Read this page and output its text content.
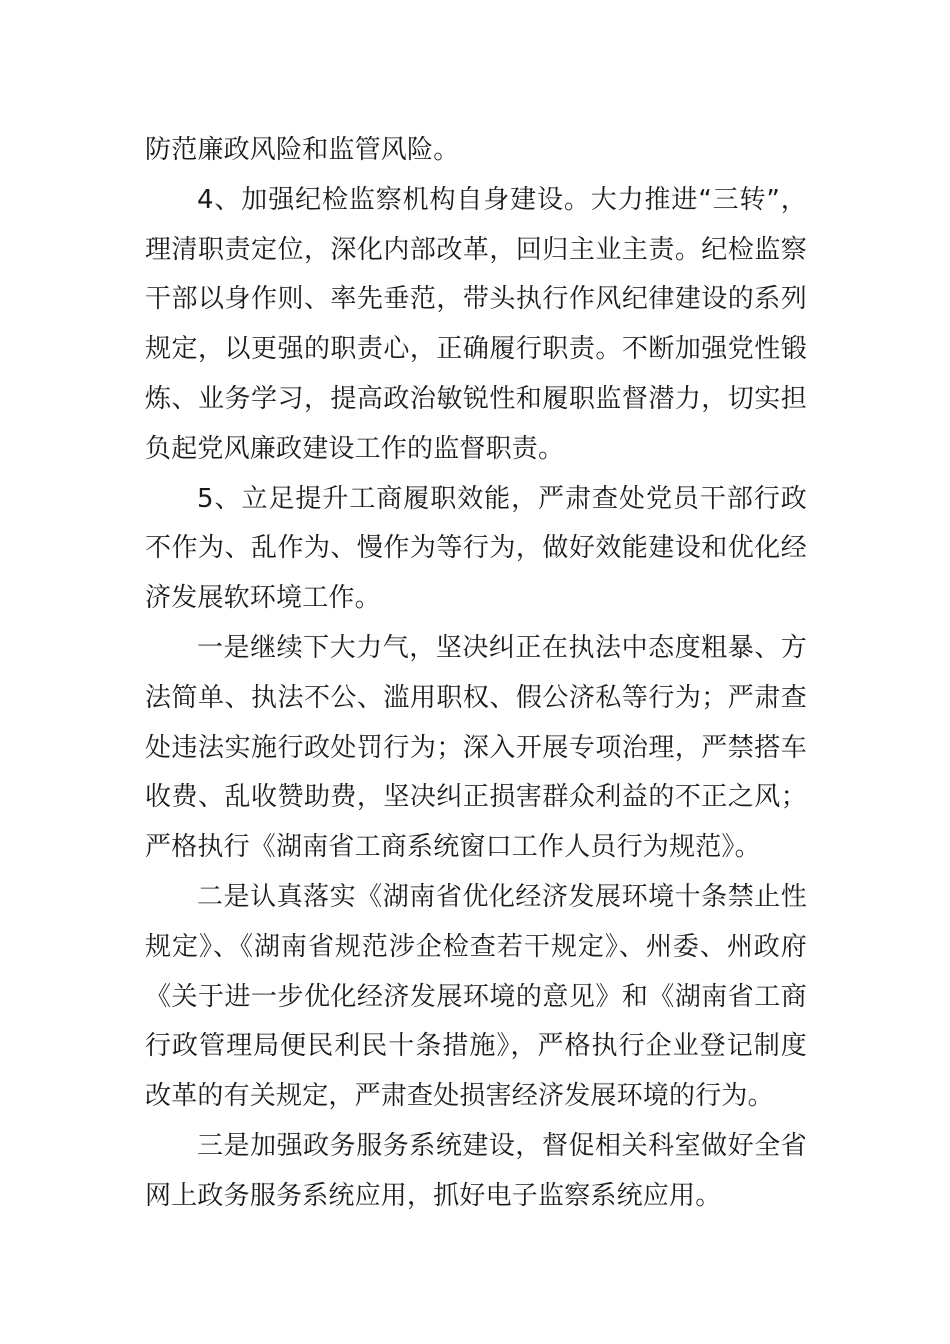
防范廉政风险和监管风险。

4、加强纪检监察机构自身建设。大力推进“三转”，理清职责定位，深化内部改革，回归主业主责。纪检监察干部以身作则、率先垂范，带头执行作风纪律建设的系列规定，以更强的职责心，正确履行职责。不断加强党性锻炼、业务学习，提高政治敏锐性和履职监督潜力，切实担负起党风廉政建设工作的监督职责。

5、立足提升工商履职效能，严肃查处党员干部行政不作为、乱作为、慢作为等行为，做好效能建设和优化经济发展软环境工作。

一是继续下大力气，坚决纠正在执法中态度粗暴、方法简单、执法不公、滥用职权、假公济私等行为；严肃查处违法实施行政处罚行为；深入开展专项治理，严禁搭车收费、乱收赞助费，坚决纠正损害群众利益的不正之风；严格执行《湖南省工商系统窗口工作人员行为规范》。

二是认真落实《湖南省优化经济发展环境十条禁止性规定》、《湖南省规范涉企检查若干规定》、州委、州政府《关于进一步优化经济发展环境的意见》和《湖南省工商行政管理局便民利民十条措施》，严格执行企业登记制度改革的有关规定，严肃查处损害经济发展环境的行为。

三是加强政务服务系统建设，督促相关科室做好全省网上政务服务系统应用，抓好电子监察系统应用。
